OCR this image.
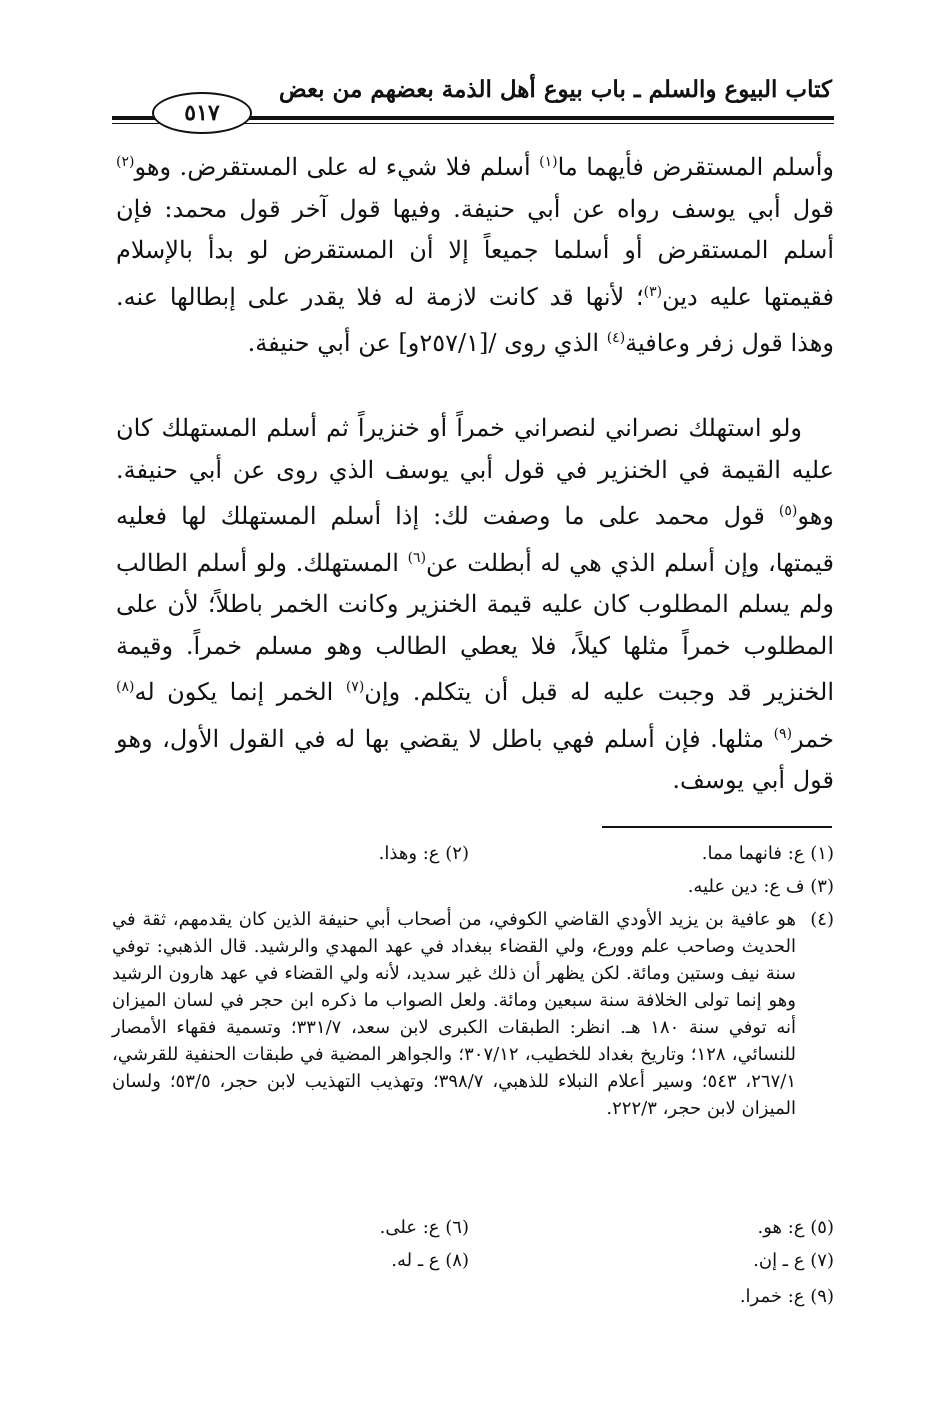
كتاب البيوع والسلم ـ باب بيوع أهل الذمة بعضهم من بعض
٥١٧
وأسلم المستقرض فأيهما ما$^{(١)}$ أسلم فلا شيء له على المستقرض. وهو$^{(٢)}$ قول أبي يوسف رواه عن أبي حنيفة. وفيها قول آخر قول محمد: فإن أسلم المستقرض أو أسلما جميعاً إلا أن المستقرض لو بدأ بالإسلام فقيمتها عليه دين$^{(٣)}$؛ لأنها قد كانت لازمة له فلا يقدر على إبطالها عنه. وهذا قول زفر وعافية$^{(٤)}$ الذي روى /[٢٥٧/١و] عن أبي حنيفة.
ولو استهلك نصراني لنصراني خمراً أو خنزيراً ثم أسلم المستهلك كان عليه القيمة في الخنزير في قول أبي يوسف الذي روى عن أبي حنيفة. وهو$^{(٥)}$ قول محمد على ما وصفت لك: إذا أسلم المستهلك لها فعليه قيمتها، وإن أسلم الذي هي له أبطلت عن$^{(٦)}$ المستهلك. ولو أسلم الطالب ولم يسلم المطلوب كان عليه قيمة الخنزير وكانت الخمر باطلاً؛ لأن على المطلوب خمراً مثلها كيلاً، فلا يعطي الطالب وهو مسلم خمراً. وقيمة الخنزير قد وجبت عليه له قبل أن يتكلم. وإن$^{(٧)}$ الخمر إنما يكون له$^{(٨)}$ خمر$^{(٩)}$ مثلها. فإن أسلم فهي باطل لا يقضي بها له في القول الأول، وهو قول أبي يوسف.
(١) ع: فانهما مما.
(٢) ع: وهذا.
(٣) ف ع: دين عليه.
(٤)
هو عافية بن يزيد الأودي القاضي الكوفي، من أصحاب أبي حنيفة الذين كان يقدمهم، ثقة في الحديث وصاحب علم وورع، ولي القضاء ببغداد في عهد المهدي والرشيد. قال الذهبي: توفي سنة نيف وستين ومائة. لكن يظهر أن ذلك غير سديد، لأنه ولي القضاء في عهد هارون الرشيد وهو إنما تولى الخلافة سنة سبعين ومائة. ولعل الصواب ما ذكره ابن حجر في لسان الميزان أنه توفي سنة ١٨٠ هـ. انظر: الطبقات الكبرى لابن سعد، ٣٣١/٧؛ وتسمية فقهاء الأمصار للنسائي، ١٢٨؛ وتاريخ بغداد للخطيب، ٣٠٧/١٢؛ والجواهر المضية في طبقات الحنفية للقرشي، ٢٦٧/١، ٥٤٣؛ وسير أعلام النبلاء للذهبي، ٣٩٨/٧؛ وتهذيب التهذيب لابن حجر، ٥٣/٥؛ ولسان الميزان لابن حجر، ٢٢٢/٣.
(٥) ع: هو.
(٦) ع: على.
(٧) ع ـ إن.
(٨) ع ـ له.
(٩) ع: خمرا.
